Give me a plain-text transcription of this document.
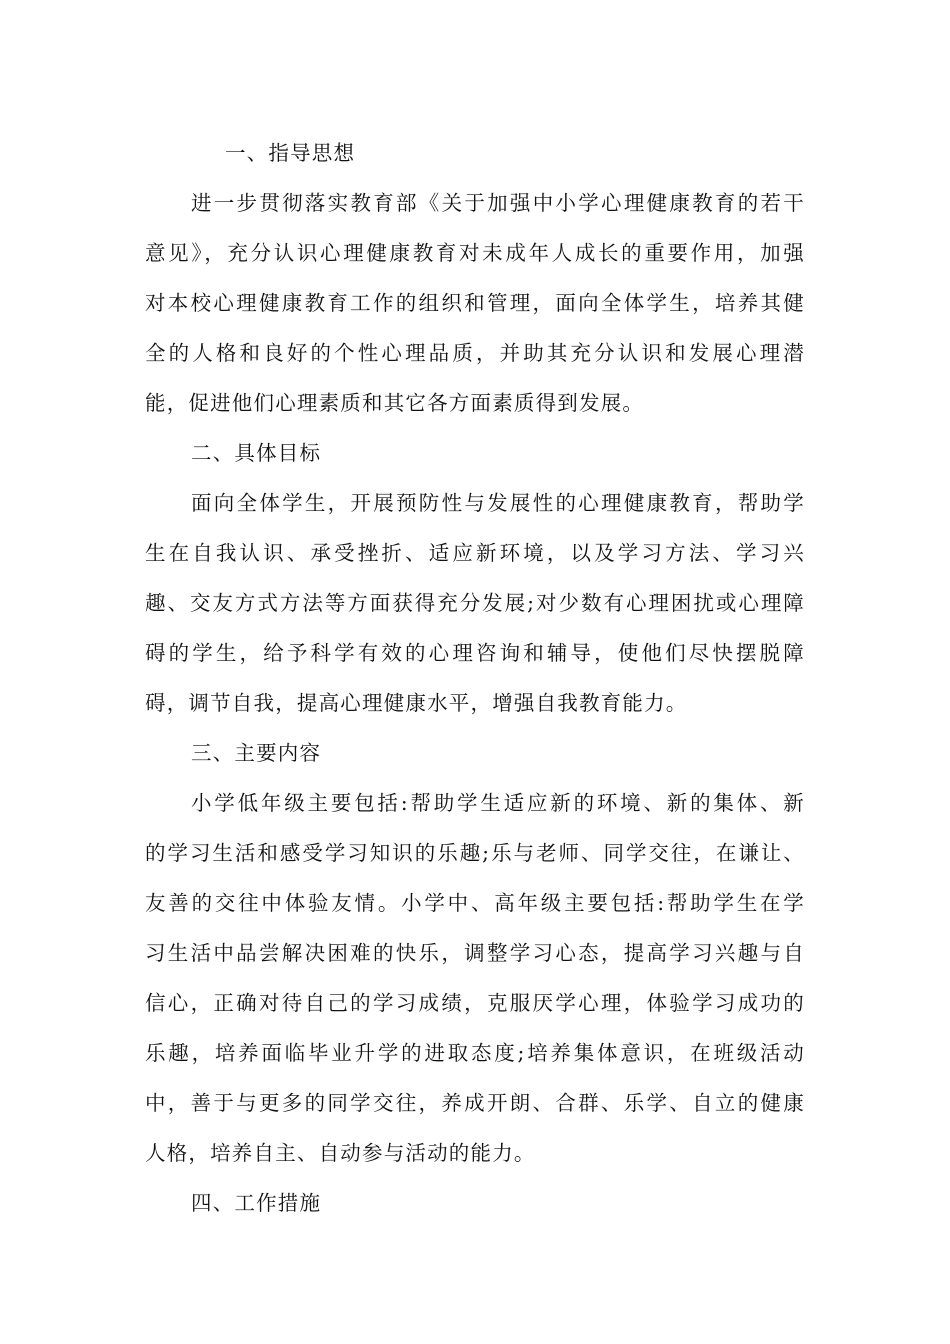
一、指导思想
进一步贯彻落实教育部《关于加强中小学心理健康教育的若干
意见》，充分认识心理健康教育对未成年人成长的重要作用，加强
对本校心理健康教育工作的组织和管理，面向全体学生，培养其健
全的人格和良好的个性心理品质，并助其充分认识和发展心理潜
能，促进他们心理素质和其它各方面素质得到发展。
二、具体目标
面向全体学生，开展预防性与发展性的心理健康教育，帮助学
生在自我认识、承受挫折、适应新环境，以及学习方法、学习兴
趣、交友方式方法等方面获得充分发展;对少数有心理困扰或心理障
碍的学生，给予科学有效的心理咨询和辅导，使他们尽快摆脱障
碍，调节自我，提高心理健康水平，增强自我教育能力。
三、主要内容
小学低年级主要包括:帮助学生适应新的环境、新的集体、新
的学习生活和感受学习知识的乐趣;乐与老师、同学交往，在谦让、
友善的交往中体验友情。小学中、高年级主要包括:帮助学生在学
习生活中品尝解决困难的快乐，调整学习心态，提高学习兴趣与自
信心，正确对待自己的学习成绩，克服厌学心理，体验学习成功的
乐趣，培养面临毕业升学的进取态度;培养集体意识，在班级活动
中，善于与更多的同学交往，养成开朗、合群、乐学、自立的健康
人格，培养自主、自动参与活动的能力。
四、工作措施
